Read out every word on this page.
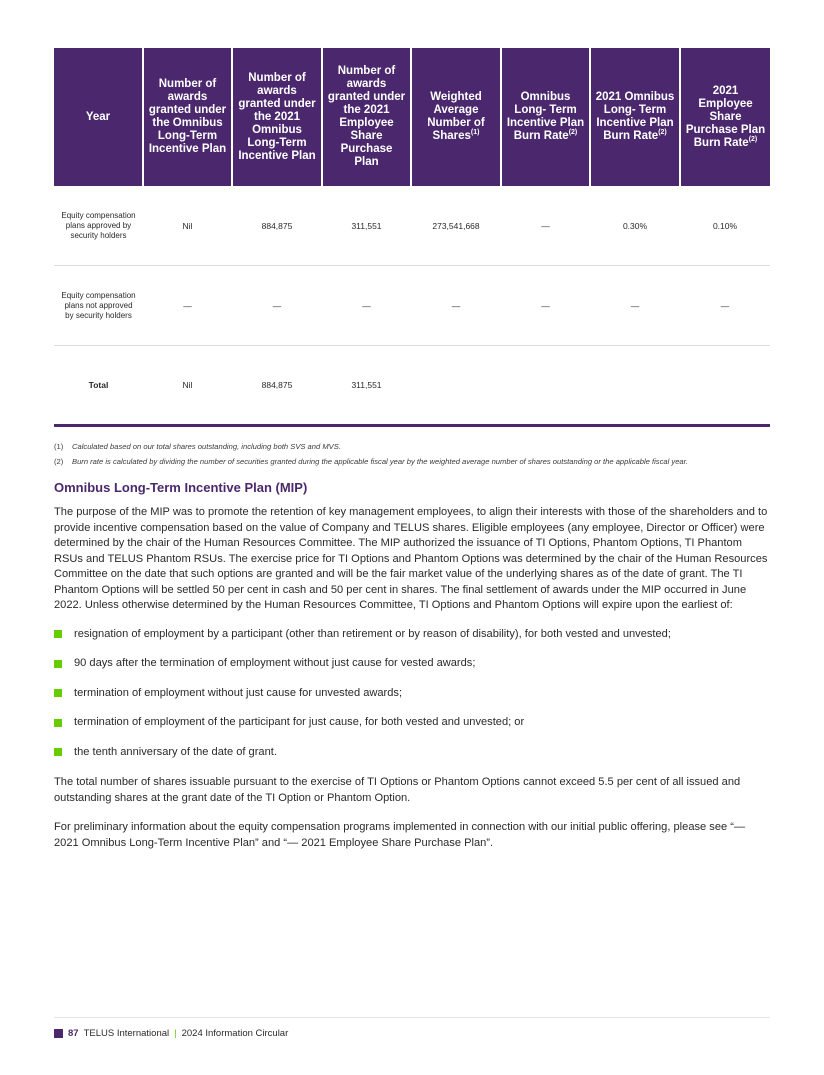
Year	Number of awards granted under the Omnibus Long-Term Incentive Plan	Number of awards granted under the 2021 Omnibus Long-Term Incentive Plan	Number of awards granted under the 2021 Employee Share Purchase Plan	Weighted Average Number of Shares$^{(1)}$	Omnibus Long- Term Incentive Plan Burn Rate$^{(2)}$	2021 Omnibus Long- Term Incentive Plan Burn Rate$^{(2)}$	2021 Employee Share Purchase Plan Burn Rate$^{(2)}$
Equity compensation plans approved by security holders	Nil	884,875	311,551	273,541,668	—	0.30%	0.10%
Equity compensation plans not approved by security holders	—	—	—	—	—	—	—
Total	Nil	884,875	311,551				
(1)	Calculated based on our total shares outstanding, including both SVS and MVS.
(2)	Burn rate is calculated by dividing the number of securities granted during the applicable fiscal year by the weighted average number of shares outstanding or the applicable fiscal year.
Omnibus Long-Term Incentive Plan (MIP)

The purpose of the MIP was to promote the retention of key management employees, to align their interests with those of the shareholders and to provide incentive compensation based on the value of Company and TELUS shares. Eligible employees (any employee, Director or Officer) were determined by the chair of the Human Resources Committee. The MIP authorized the issuance of TI Options, Phantom Options, TI Phantom RSUs and TELUS Phantom RSUs. The exercise price for TI Options and Phantom Options was determined by the chair of the Human Resources Committee on the date that such options are granted and will be the fair market value of the underlying shares as of the date of grant. The TI Phantom Options will be settled 50 per cent in cash and 50 per cent in shares. The final settlement of awards under the MIP occurred in June 2022. Unless otherwise determined by the Human Resources Committee, TI Options and Phantom Options will expire upon the earliest of:

resignation of employment by a participant (other than retirement or by reason of disability), for both vested and unvested;
90 days after the termination of employment without just cause for vested awards;
termination of employment without just cause for unvested awards;
termination of employment of the participant for just cause, for both vested and unvested; or
the tenth anniversary of the date of grant.

The total number of shares issuable pursuant to the exercise of TI Options or Phantom Options cannot exceed 5.5 per cent of all issued and outstanding shares at the grant date of the TI Option or Phantom Option.

For preliminary information about the equity compensation programs implemented in connection with our initial public offering, please see “— 2021 Omnibus Long-Term Incentive Plan” and “— 2021 Employee Share Purchase Plan”.

87 TELUS International | 2024 Information Circular
